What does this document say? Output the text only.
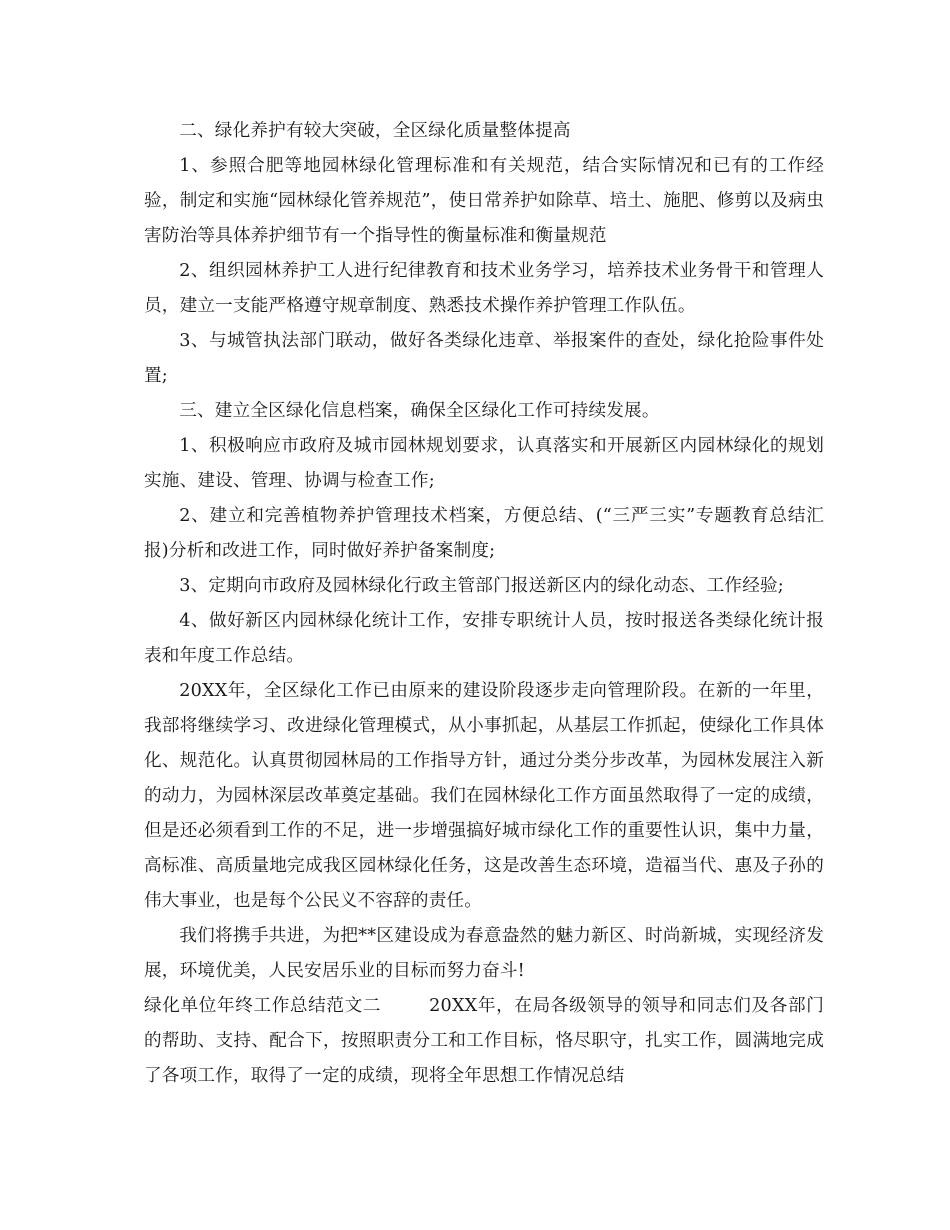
二、绿化养护有较大突破，全区绿化质量整体提高

1、参照合肥等地园林绿化管理标准和有关规范，结合实际情况和已有的工作经验，制定和实施“园林绿化管养规范”，使日常养护如除草、培土、施肥、修剪以及病虫害防治等具体养护细节有一个指导性的衡量标准和衡量规范

2、组织园林养护工人进行纪律教育和技术业务学习，培养技术业务骨干和管理人员，建立一支能严格遵守规章制度、熟悉技术操作养护管理工作队伍。

3、与城管执法部门联动，做好各类绿化违章、举报案件的查处，绿化抢险事件处置;

三、建立全区绿化信息档案，确保全区绿化工作可持续发展。

1、积极响应市政府及城市园林规划要求，认真落实和开展新区内园林绿化的规划实施、建设、管理、协调与检查工作;

2、建立和完善植物养护管理技术档案，方便总结、(“三严三实”专题教育总结汇报)分析和改进工作，同时做好养护备案制度;

3、定期向市政府及园林绿化行政主管部门报送新区内的绿化动态、工作经验;

4、做好新区内园林绿化统计工作，安排专职统计人员，按时报送各类绿化统计报表和年度工作总结。

20XX年，全区绿化工作已由原来的建设阶段逐步走向管理阶段。在新的一年里，我部将继续学习、改进绿化管理模式，从小事抓起，从基层工作抓起，使绿化工作具体化、规范化。认真贯彻园林局的工作指导方针，通过分类分步改革，为园林发展注入新的动力，为园林深层改革奠定基础。我们在园林绿化工作方面虽然取得了一定的成绩，但是还必须看到工作的不足，进一步增强搞好城市绿化工作的重要性认识，集中力量，高标准、高质量地完成我区园林绿化任务，这是改善生态环境，造福当代、惠及子孙的伟大事业，也是每个公民义不容辞的责任。

我们将携手共进，为把**区建设成为春意盎然的魅力新区、时尚新城，实现经济发展，环境优美，人民安居乐业的目标而努力奋斗!

绿化单位年终工作总结范文二	20XX年，在局各级领导的领导和同志们及各部门的帮助、支持、配合下，按照职责分工和工作目标，恪尽职守，扎实工作，圆满地完成了各项工作，取得了一定的成绩，现将全年思想工作情况总结
